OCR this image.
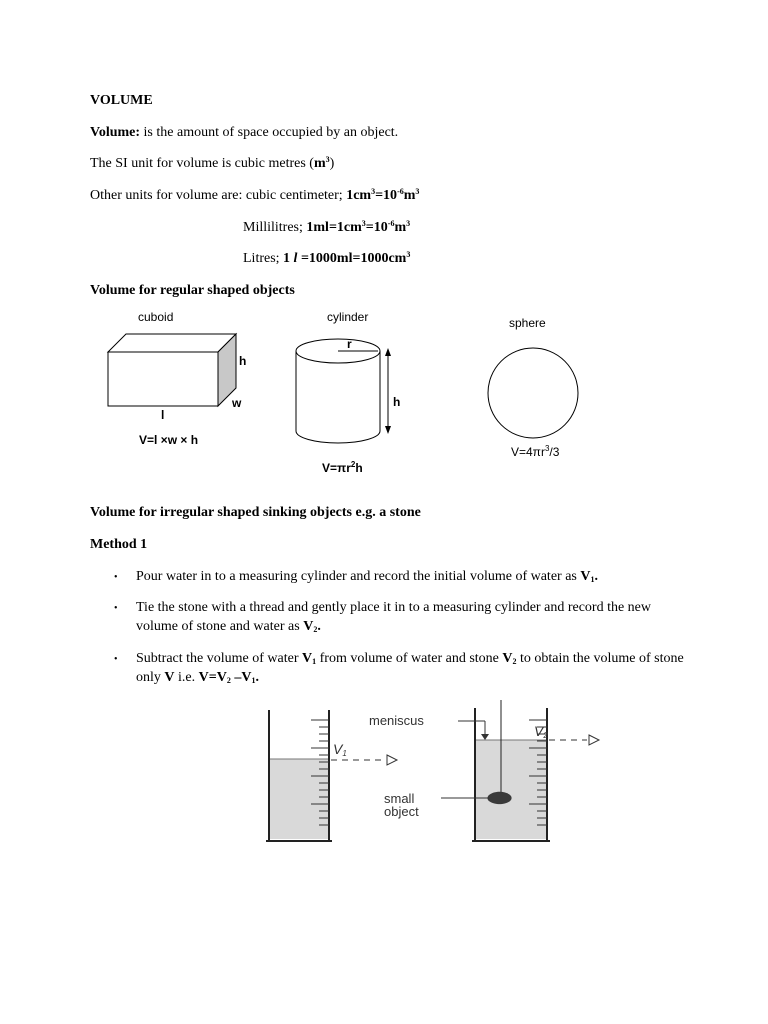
VOLUME
Volume: is the amount of space occupied by an object.
The SI unit for volume is cubic metres $(m^3)$
Other units for volume are: cubic centimeter; $1cm^3=10^{-6}m^3$
Millilitres; $1ml=1cm^3=10^{-6}m^3$
Litres; 1 $l =1000ml=1000cm^3$
Volume for regular shaped objects
cuboid
h
w
l
V=l ×w × h
cylinder
r
h
$V=\pi r^2h$
sphere
$V=4\pi r^3/3$
Volume for irregular shaped sinking objects e.g. a stone
Method 1
• Pour water in to a measuring cylinder and record the initial volume of water as $V_1$.
• Tie the stone with a thread and gently place it in to a measuring cylinder and record the new
volume of stone and water as $V_2$.
• Subtract the volume of water $V_1$ from volume of water and stone $V_2$ to obtain the volume of stone
only V i.e. $V=V_2$ $-V_1$.
meniscus
$V_1$
$V_2$
small
object
